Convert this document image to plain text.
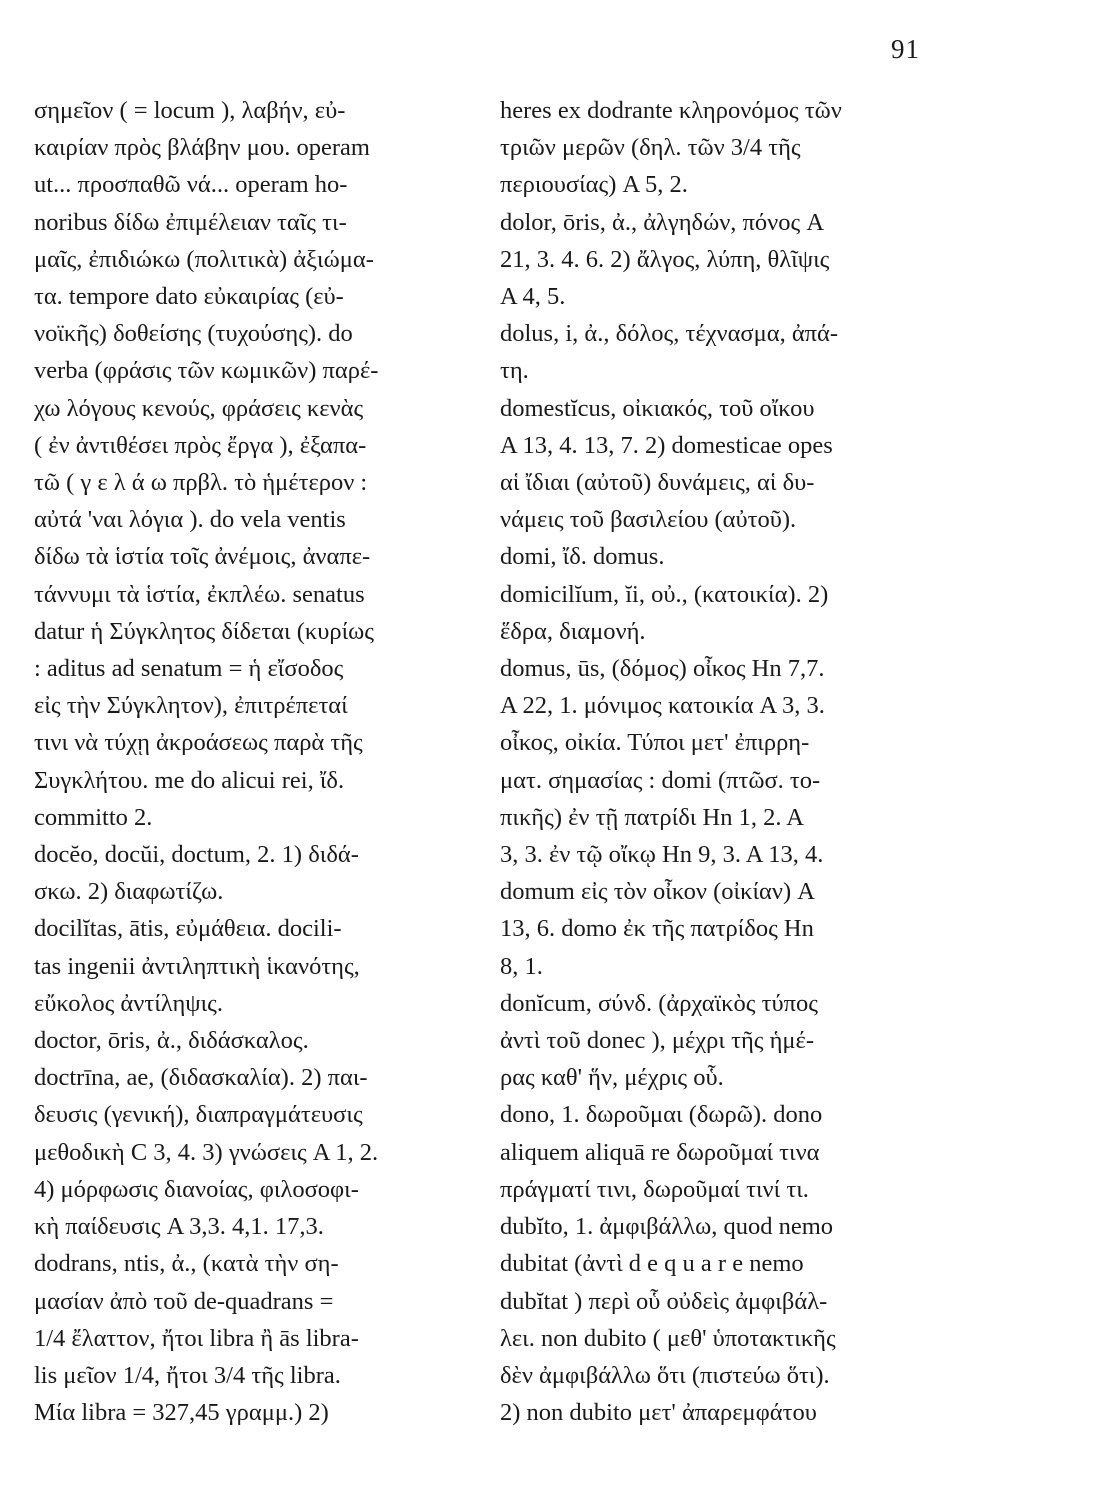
91
σημεῖον ( = locum ), λαβήν, εὐ-
καιρίαν πρὸς βλάβην μου. operam
ut... προσπαθῶ νά... operam ho-
noribus δίδω ἐπιμέλειαν ταῖς τι-
μαῖς, ἐπιδιώκω (πολιτικὰ) ἀξιώμα-
τα. tempore dato εὐκαιρίας (εὐ-
νοϊκῆς) δοθείσης (τυχούσης). do
verba (φράσις τῶν κωμικῶν) παρέ-
χω λόγους κενούς, φράσεις κενὰς
( ἐν ἀντιθέσει πρὸς ἔργα ), ἐξαπα-
τῶ ( γ ε λ ά ω πρβλ. τὸ ἡμέτερον :
αὐτά 'ναι λόγια ). do vela ventis
δίδω τὰ ἱστία τοῖς ἀνέμοις, ἀναπε-
τάννυμι τὰ ἱστία, ἐκπλέω. senatus
datur ἡ Σύγκλητος δίδεται (κυρίως
: aditus ad senatum = ἡ εἴσοδος
εἰς τὴν Σύγκλητον), ἐπιτρέπεταί
τινι νὰ τύχῃ ἀκροάσεως παρὰ τῆς
Συγκλήτου. me do alicui rei, ἴδ.
committo 2.
docĕo, docŭi, doctum, 2. 1) διδά-
σκω. 2) διαφωτίζω.
docilĭtas, ātis, εὐμάθεια. docili-
tas ingenii ἀντιληπτικὴ ἱκανότης,
εὔκολος ἀντίληψις.
doctor, ōris, ἀ., διδάσκαλος.
doctrīna, ae, (διδασκαλία). 2) παι-
δευσις (γενική), διαπραγμάτευσις
μεθοδικὴ C 3, 4. 3) γνώσεις A 1, 2.
4) μόρφωσις διανοίας, φιλοσοφι-
κὴ παίδευσις A 3,3. 4,1. 17,3.
dodrans, ntis, ἀ., (κατὰ τὴν ση-
μασίαν ἀπὸ τοῦ de-quadrans =
1/4 ἔλαττον, ἤτοι libra ἢ ās libra-
lis μεῖον 1/4, ἤτοι 3/4 τῆς libra.
Μία libra = 327,45 γραμμ.) 2)
heres ex dodrante κληρονόμος τῶν
τριῶν μερῶν (δηλ. τῶν 3/4 τῆς
περιουσίας) A 5, 2.
dolor, ōris, ἀ., ἀλγηδών, πόνος A
21, 3. 4. 6. 2) ἄλγος, λύπη, θλῖψις
A 4, 5.
dolus, i, ἀ., δόλος, τέχνασμα, ἀπά-
τη.
domestĭcus, οἰκιακός, τοῦ οἴκου
A 13, 4. 13, 7. 2) domesticae opes
αἱ ἴδιαι (αὐτοῦ) δυνάμεις, αἱ δυ-
νάμεις τοῦ βασιλείου (αὐτοῦ).
domi, ἴδ. domus.
domicilĭum, ĭi, οὐ., (κατοικία). 2)
ἕδρα, διαμονή.
domus, ūs, (δόμος) οἶκος Hn 7,7.
A 22, 1. μόνιμος κατοικία A 3, 3.
οἶκος, οἰκία. Τύποι μετ' ἐπιρρη-
ματ. σημασίας : domi (πτῶσ. το-
πικῆς) ἐν τῇ πατρίδι Hn 1, 2. A
3, 3. ἐν τῷ οἴκῳ Hn 9, 3. A 13, 4.
domum εἰς τὸν οἶκον (οἰκίαν) A
13, 6. domo ἐκ τῆς πατρίδος Hn
8, 1.
donĭcum, σύνδ. (ἀρχαϊκὸς τύπος
ἀντὶ τοῦ donec ), μέχρι τῆς ἡμέ-
ρας καθ' ἥν, μέχρις οὗ.
dono, 1. δωροῦμαι (δωρῶ). dono
aliquem aliquā re δωροῦμαί τινα
πράγματί τινι, δωροῦμαί τινί τι.
dubĭto, 1. ἀμφιβάλλω, quod nemo
dubitat (ἀντὶ d e q u a r e nemo
dubĭtat ) περὶ οὗ οὐδεὶς ἀμφιβάλ-
λει. non dubito ( μεθ' ὑποτακτικῆς
δὲν ἀμφιβάλλω ὅτι (πιστεύω ὅτι).
2) non dubito μετ' ἀπαρεμφάτου
